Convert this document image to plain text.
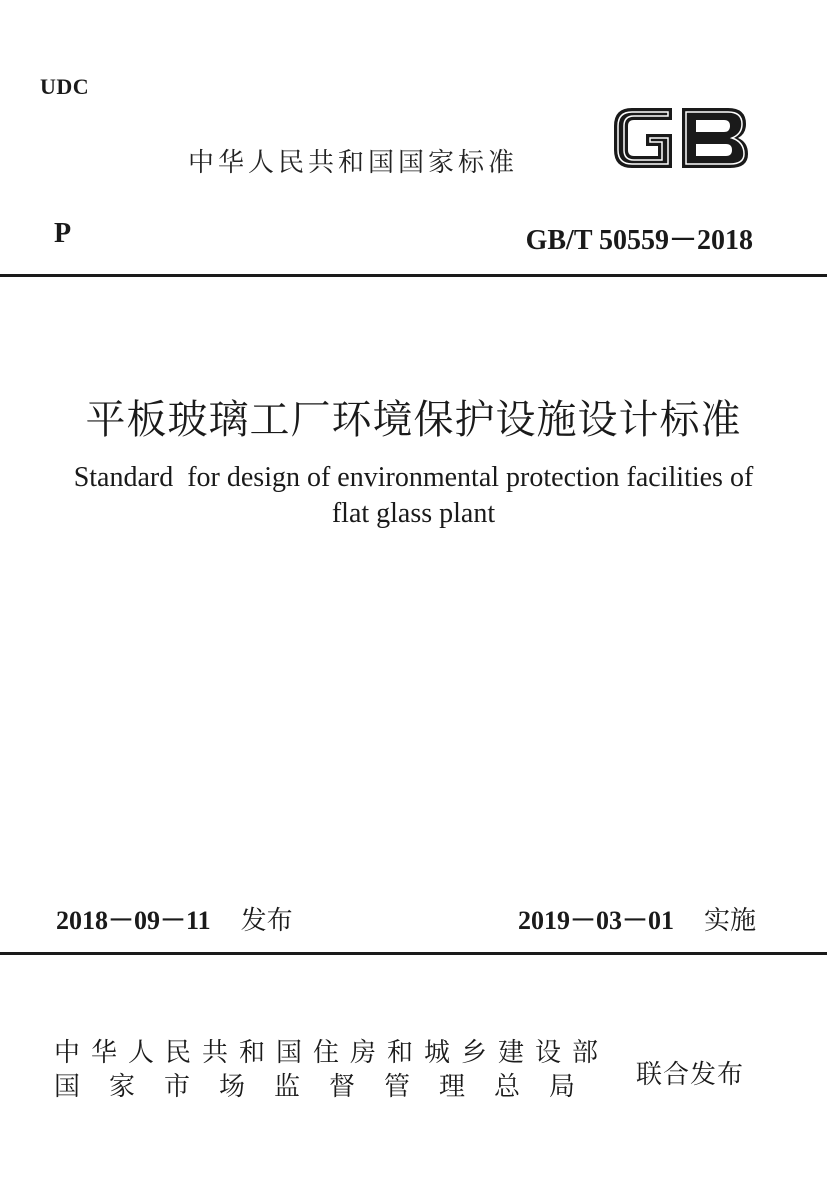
UDC
中华人民共和国国家标准
GB
P	GB/T 50559－2018
平板玻璃工厂环境保护设施设计标准
Standard  for design of environmental protection facilities of
flat glass plant
2018－09－11 发布	2019－03－01 实施
中华人民共和国住房和城乡建设部
国家市场监督管理总局 联合发布
